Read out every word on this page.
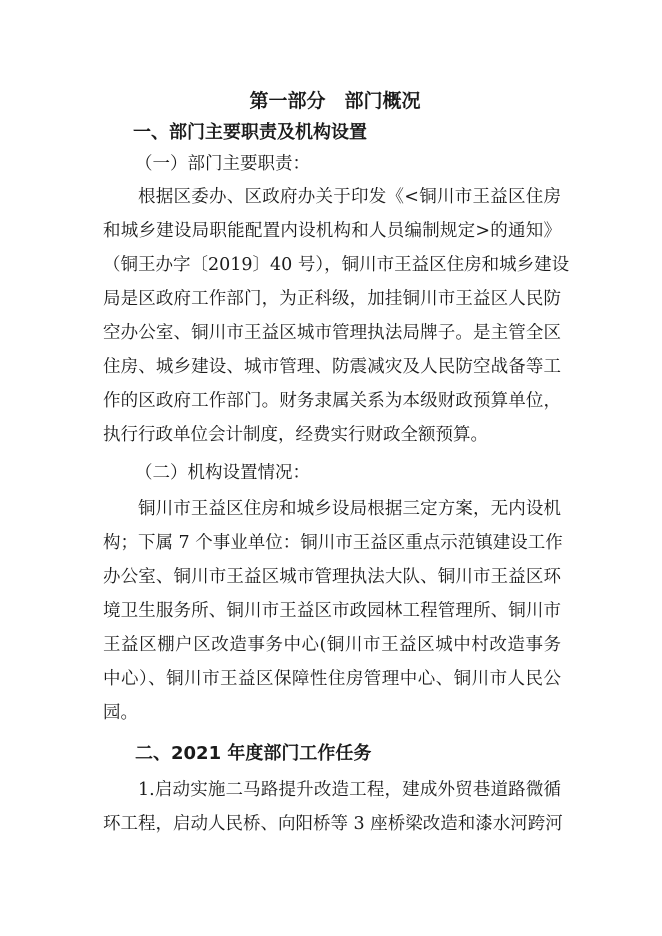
第一部分　部门概况
一、部门主要职责及机构设置
（一）部门主要职责：
根据区委办、区政府办关于印发《<铜川市王益区住房
和城乡建设局职能配置内设机构和人员编制规定>的通知》
（铜王办字〔2019〕40 号），铜川市王益区住房和城乡建设
局是区政府工作部门，为正科级，加挂铜川市王益区人民防
空办公室、铜川市王益区城市管理执法局牌子。是主管全区
住房、城乡建设、城市管理、防震减灾及人民防空战备等工
作的区政府工作部门。财务隶属关系为本级财政预算单位，
执行行政单位会计制度，经费实行财政全额预算。
（二）机构设置情况：
铜川市王益区住房和城乡设局根据三定方案，无内设机
构；下属 7 个事业单位：铜川市王益区重点示范镇建设工作
办公室、铜川市王益区城市管理执法大队、铜川市王益区环
境卫生服务所、铜川市王益区市政园林工程管理所、铜川市
王益区棚户区改造事务中心(铜川市王益区城中村改造事务
中心）、铜川市王益区保障性住房管理中心、铜川市人民公
园。
二、2021 年度部门工作任务
1.启动实施二马路提升改造工程，建成外贸巷道路微循
环工程，启动人民桥、向阳桥等 3 座桥梁改造和漆水河跨河
